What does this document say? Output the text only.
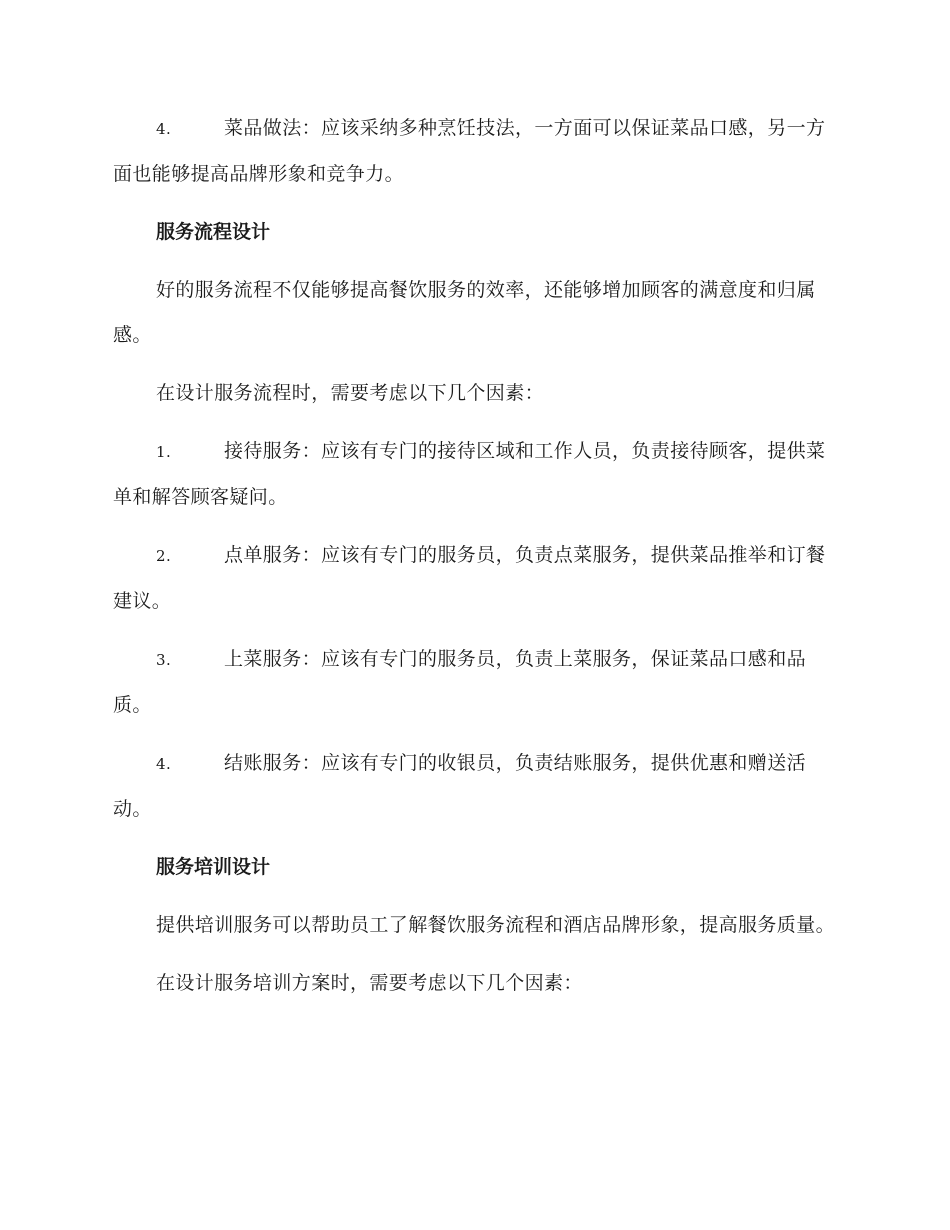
4.	菜品做法：应该采纳多种烹饪技法，一方面可以保证菜品口感，另一方面也能够提高品牌形象和竞争力。

服务流程设计

好的服务流程不仅能够提高餐饮服务的效率，还能够增加顾客的满意度和归属感。

在设计服务流程时，需要考虑以下几个因素：

1.	接待服务：应该有专门的接待区域和工作人员，负责接待顾客，提供菜单和解答顾客疑问。

2.	点单服务：应该有专门的服务员，负责点菜服务，提供菜品推举和订餐建议。

3.	上菜服务：应该有专门的服务员，负责上菜服务，保证菜品口感和品质。

4.	结账服务：应该有专门的收银员，负责结账服务，提供优惠和赠送活动。

服务培训设计

提供培训服务可以帮助员工了解餐饮服务流程和酒店品牌形象，提高服务质量。

在设计服务培训方案时，需要考虑以下几个因素：
